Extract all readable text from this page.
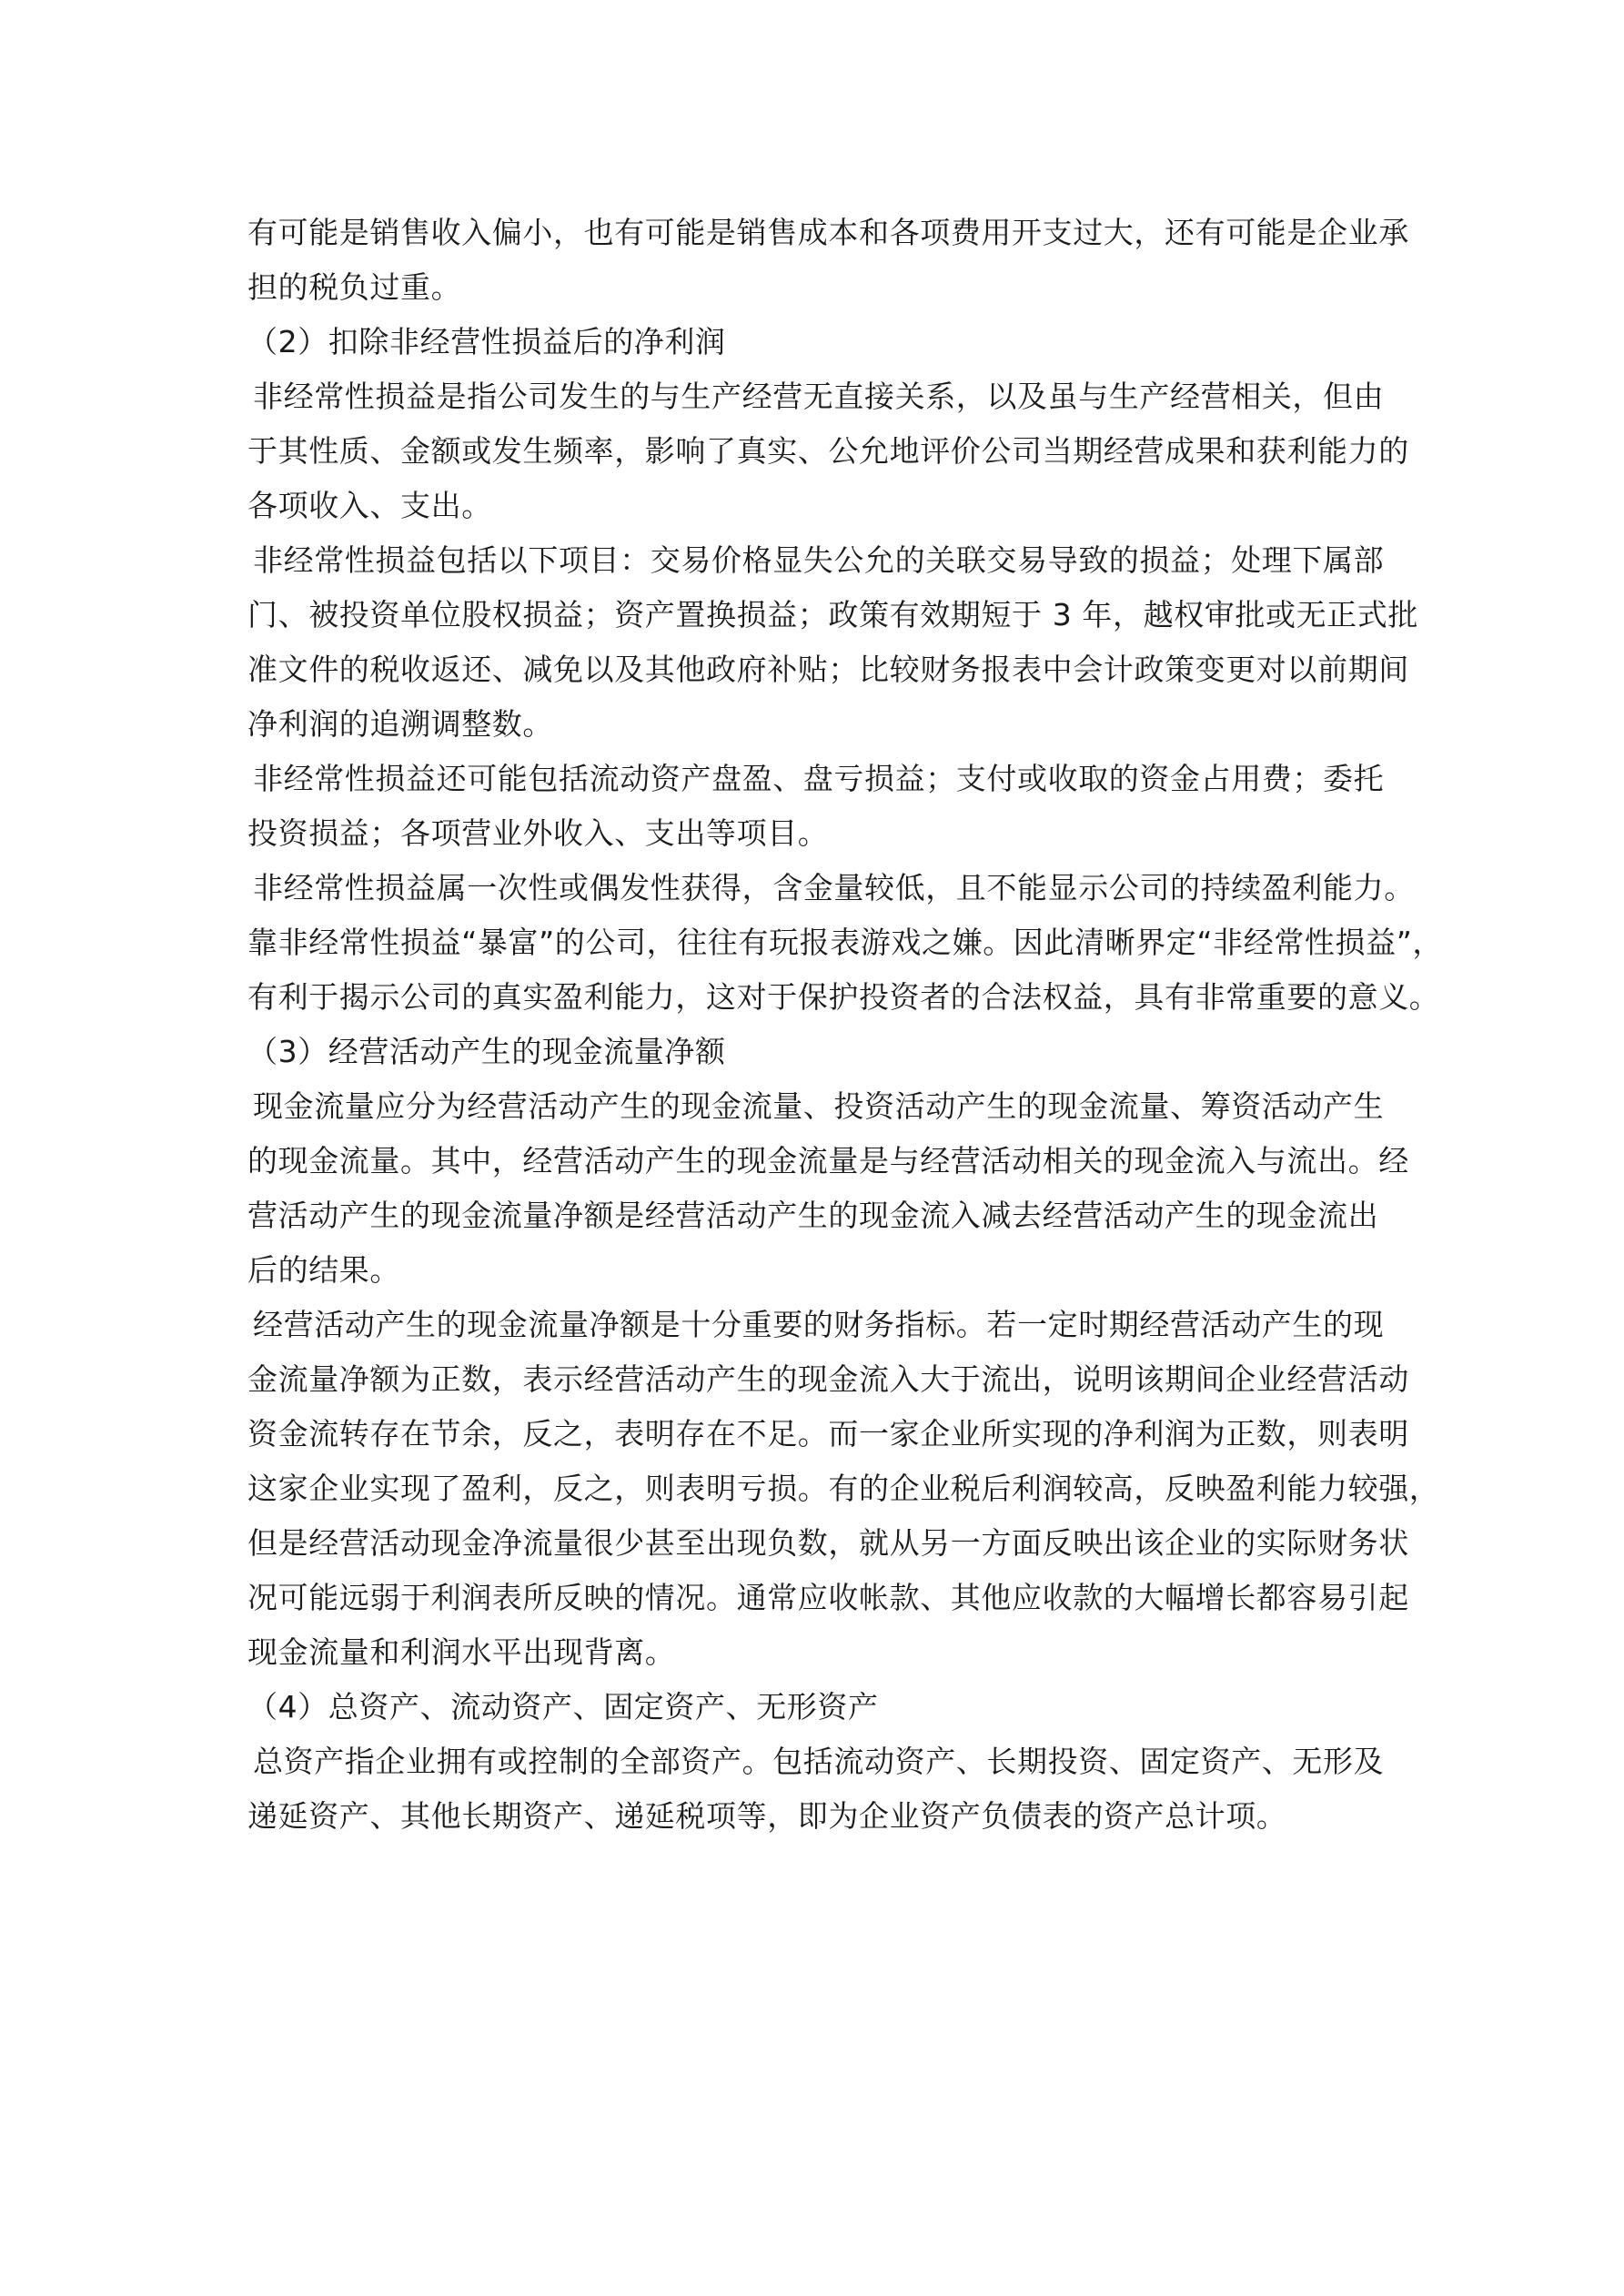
有可能是销售收入偏小，也有可能是销售成本和各项费用开支过大，还有可能是企业承
担的税负过重。
（2）扣除非经营性损益后的净利润
非经常性损益是指公司发生的与生产经营无直接关系，以及虽与生产经营相关，但由
于其性质、金额或发生频率，影响了真实、公允地评价公司当期经营成果和获利能力的
各项收入、支出。
非经常性损益包括以下项目：交易价格显失公允的关联交易导致的损益；处理下属部
门、被投资单位股权损益；资产置换损益；政策有效期短于 3 年，越权审批或无正式批
准文件的税收返还、减免以及其他政府补贴；比较财务报表中会计政策变更对以前期间
净利润的追溯调整数。
非经常性损益还可能包括流动资产盘盈、盘亏损益；支付或收取的资金占用费；委托
投资损益；各项营业外收入、支出等项目。
非经常性损益属一次性或偶发性获得，含金量较低，且不能显示公司的持续盈利能力。
靠非经常性损益“暴富”的公司，往往有玩报表游戏之嫌。因此清晰界定“非经常性损益”，
有利于揭示公司的真实盈利能力，这对于保护投资者的合法权益，具有非常重要的意义。
（3）经营活动产生的现金流量净额
现金流量应分为经营活动产生的现金流量、投资活动产生的现金流量、筹资活动产生
的现金流量。其中，经营活动产生的现金流量是与经营活动相关的现金流入与流出。经
营活动产生的现金流量净额是经营活动产生的现金流入减去经营活动产生的现金流出
后的结果。
经营活动产生的现金流量净额是十分重要的财务指标。若一定时期经营活动产生的现
金流量净额为正数，表示经营活动产生的现金流入大于流出，说明该期间企业经营活动
资金流转存在节余，反之，表明存在不足。而一家企业所实现的净利润为正数，则表明
这家企业实现了盈利，反之，则表明亏损。有的企业税后利润较高，反映盈利能力较强，
但是经营活动现金净流量很少甚至出现负数，就从另一方面反映出该企业的实际财务状
况可能远弱于利润表所反映的情况。通常应收帐款、其他应收款的大幅增长都容易引起
现金流量和利润水平出现背离。
（4）总资产、流动资产、固定资产、无形资产
总资产指企业拥有或控制的全部资产。包括流动资产、长期投资、固定资产、无形及
递延资产、其他长期资产、递延税项等，即为企业资产负债表的资产总计项。
